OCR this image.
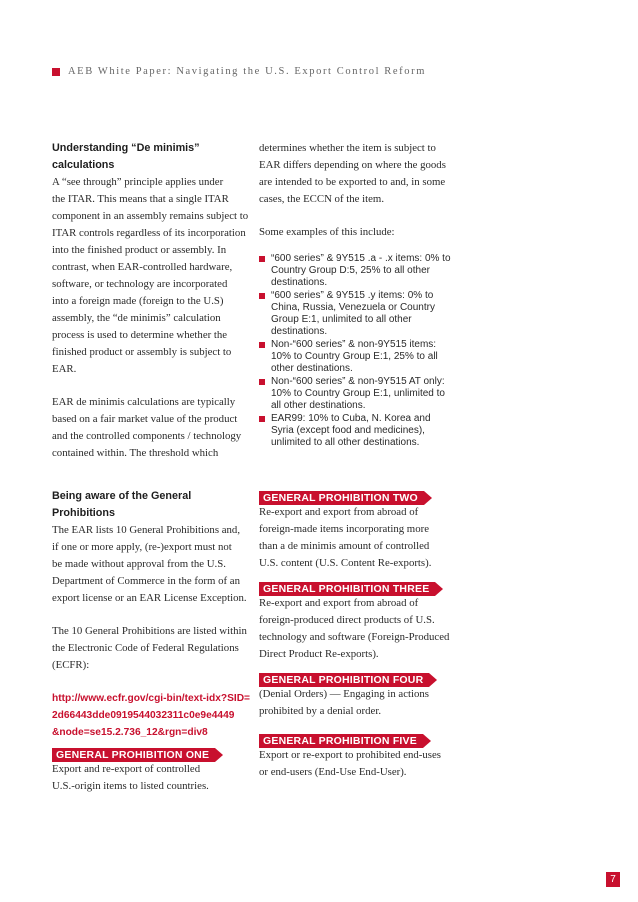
AEB White Paper: Navigating the U.S. Export Control Reform
Understanding “De minimis”
calculations
A “see through” principle applies under
the ITAR. This means that a single ITAR
component in an assembly remains subject to
ITAR controls regardless of its incorporation
into the finished product or assembly. In
contrast, when EAR-controlled hardware,
software, or technology are incorporated
into a foreign made (foreign to the U.S)
assembly, the “de minimis” calculation
process is used to determine whether the
finished product or assembly is subject to
EAR.
EAR de minimis calculations are typically
based on a fair market value of the product
and the controlled components / technology
contained within. The threshold which
determines whether the item is subject to
EAR differs depending on where the goods
are intended to be exported to and, in some
cases, the ECCN of the item.
Some examples of this include:
“600 series” & 9Y515 .a - .x items: 0% to Country Group D:5, 25% to all other destinations.
“600 series” & 9Y515 .y items: 0% to China, Russia, Venezuela or Country Group E:1, unlimited to all other destinations.
Non-“600 series” & non-9Y515 items: 10% to Country Group E:1, 25% to all other destinations.
Non-“600 series” & non-9Y515 AT only: 10% to Country Group E:1, unlimited to all other destinations.
EAR99: 10% to Cuba, N. Korea and Syria (except food and medicines), unlimited to all other destinations.
Being aware of the General
Prohibitions
The EAR lists 10 General Prohibitions and,
if one or more apply, (re-)export must not
be made without approval from the U.S.
Department of Commerce in the form of an
export license or an EAR License Exception.
The 10 General Prohibitions are listed within
the Electronic Code of Federal Regulations
(ECFR):
http://www.ecfr.gov/cgi-bin/text-idx?SID=
2d66443dde0919544032311c0e9e4449
&node=se15.2.736_12&rgn=div8
GENERAL PROHIBITION ONE
Export and re-export of controlled
U.S.-origin items to listed countries.
GENERAL PROHIBITION TWO
Re-export and export from abroad of
foreign-made items incorporating more
than a de minimis amount of controlled
U.S. content (U.S. Content Re-exports).
GENERAL PROHIBITION THREE
Re-export and export from abroad of
foreign-produced direct products of U.S.
technology and software (Foreign-Produced
Direct Product Re-exports).
GENERAL PROHIBITION FOUR
(Denial Orders) — Engaging in actions
prohibited by a denial order.
GENERAL PROHIBITION FIVE
Export or re-export to prohibited end-uses
or end-users (End-Use End-User).
7
